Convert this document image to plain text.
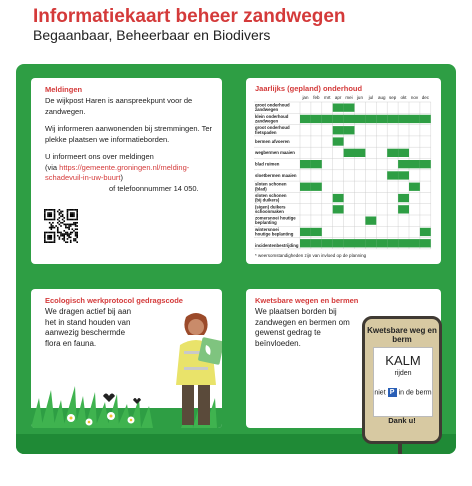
Informatiekaart beheer zandwegen
Begaanbaar, Beheerbaar en Biodivers
Meldingen

De wijkpost Haren is aanspreekpunt voor de zandwegen.

Wij informeren aanwonenden bij stremmingen. Ter plekke plaatsen we informatieborden.

U informeert ons over meldingen

(via https://gemeente.groningen.nl/melding-schadevuil-in-uw-buurt)

of telefoonnummer 14 050.

Jaarlijks (gepland) onderhoud
jan feb mrt apr mei jun jul aug sep okt nov dec
groot onderhoud
zandwegen
klein onderhoud
zandwegen
groot onderhoud
fietspaden
bermen afvoeren
wegbermen maaien
blad ruimen
sloetbermen maaien
sloten schonen
(blad)
sloten schonen
(bij duikers)
(sigen) duikers
schoonmaken
zomersnoei houtige
beplanting
wintersnoei
houtige beplanting
incidentenbestrijding
* weersomstandigheden zijn van invloed op de planning
Ecologisch werkprotocol gedragscode

We dragen actief bij aan het in stand houden van aanwezig beschermde flora en fauna.

Kwetsbare wegen en bermen

We plaatsen borden bij zandwegen en bermen om gewenst gedrag te beïnvloeden.

Kwetsbare weg en berm
KALM
rijden
niet P in de berm
Dank u!
